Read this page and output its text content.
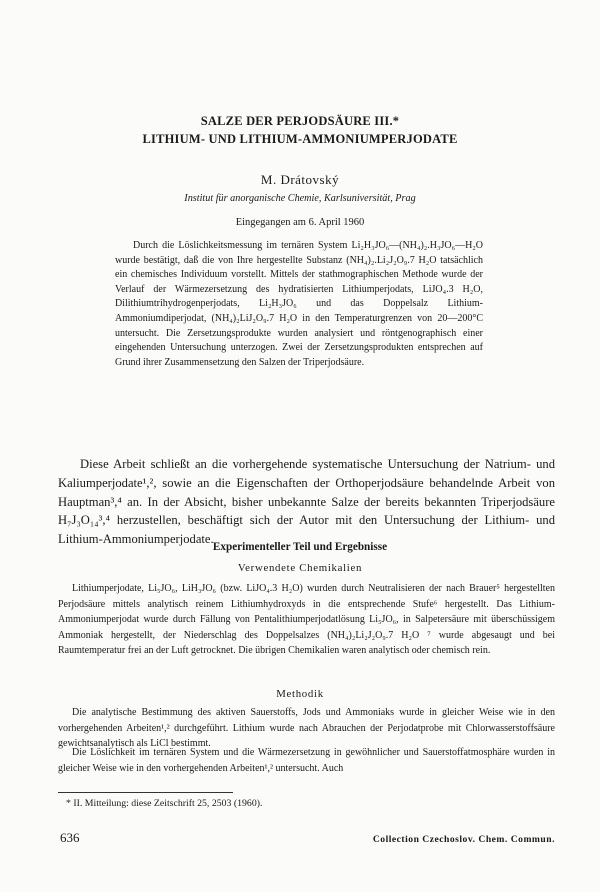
SALZE DER PERJODSÄURE III.*
LITHIUM- UND LITHIUM-AMMONIUMPERJODATE
M. Drátovský
Institut für anorganische Chemie, Karlsuniversität, Prag
Eingegangen am 6. April 1960

Durch die Löslichkeitsmessung im ternären System Li₂H₃JO₆—(NH₄)₂.H₃JO₆—H₂O wurde bestätigt, daß die von Ihre hergestellte Substanz (NH₄)₂.Li₂J₂O₉.7 H₂O tatsächlich ein chemisches Individuum vorstellt. Mittels der stathmographischen Methode wurde der Verlauf der Wärmezersetzung des hydratisierten Lithiumperjodats, LiJO₄.3 H₂O, Dilithiumtrihydrogenperjodats, Li₂H₃JO₆ und das Doppelsalz Lithium-Ammoniumdiperjodat, (NH₄)₂LiJ₂O₉.7 H₂O in den Temperaturgrenzen von 20—200°C untersucht. Die Zersetzungsprodukte wurden analysiert und röntgenographisch einer eingehenden Untersuchung unterzogen. Zwei der Zersetzungsprodukten entsprechen auf Grund ihrer Zusammensetzung den Salzen der Triperjodsäure.

Diese Arbeit schließt an die vorhergehende systematische Untersuchung der Natrium- und Kaliumperjodate¹,², sowie an die Eigenschaften der Orthoperjodsäure behandelnde Arbeit von Hauptman³,⁴ an. In der Absicht, bisher unbekannte Salze der bereits bekannten Triperjodsäure H₇J₃O₁₄³,⁴ herzustellen, beschäftigt sich der Autor mit den Untersuchung der Lithium- und Lithium-Ammoniumperjodate.

Experimenteller Teil und Ergebnisse
Verwendete Chemikalien

Lithiumperjodate, Li₅JO₆, LiH₃JO₆ (bzw. LiJO₄.3 H₂O) wurden durch Neutralisieren der nach Brauer⁵ hergestellten Perjodsäure mittels analytisch reinem Lithiumhydroxyds in die entsprechende Stufe⁶ hergestellt. Das Lithium-Ammoniumperjodat wurde durch Fällung von Pentalithiumperjodatlösung Li₅JO₆, in Salpetersäure mit überschüssigem Ammoniak hergestellt, der Niederschlag des Doppelsalzes (NH₄)₂Li₂J₂O₉.7 H₂O ⁷ wurde abgesaugt und bei Raumtemperatur frei an der Luft getrocknet. Die übrigen Chemikalien waren analytisch oder chemisch rein.

Methodik

Die analytische Bestimmung des aktiven Sauerstoffs, Jods und Ammoniaks wurde in gleicher Weise wie in den vorhergehenden Arbeiten¹,² durchgeführt. Lithium wurde nach Abrauchen der Perjodatprobe mit Chlorwasserstoffsäure gewichtsanalytisch als LiCl bestimmt.

Die Löslichkeit im ternären System und die Wärmezersetzung in gewöhnlicher und Sauerstoffatmosphäre wurden in gleicher Weise wie in den vorhergehenden Arbeiten¹,² untersucht. Auch

* II. Mitteilung: diese Zeitschrift 25, 2503 (1960).

636	Collection Czechoslov. Chem. Commun.
